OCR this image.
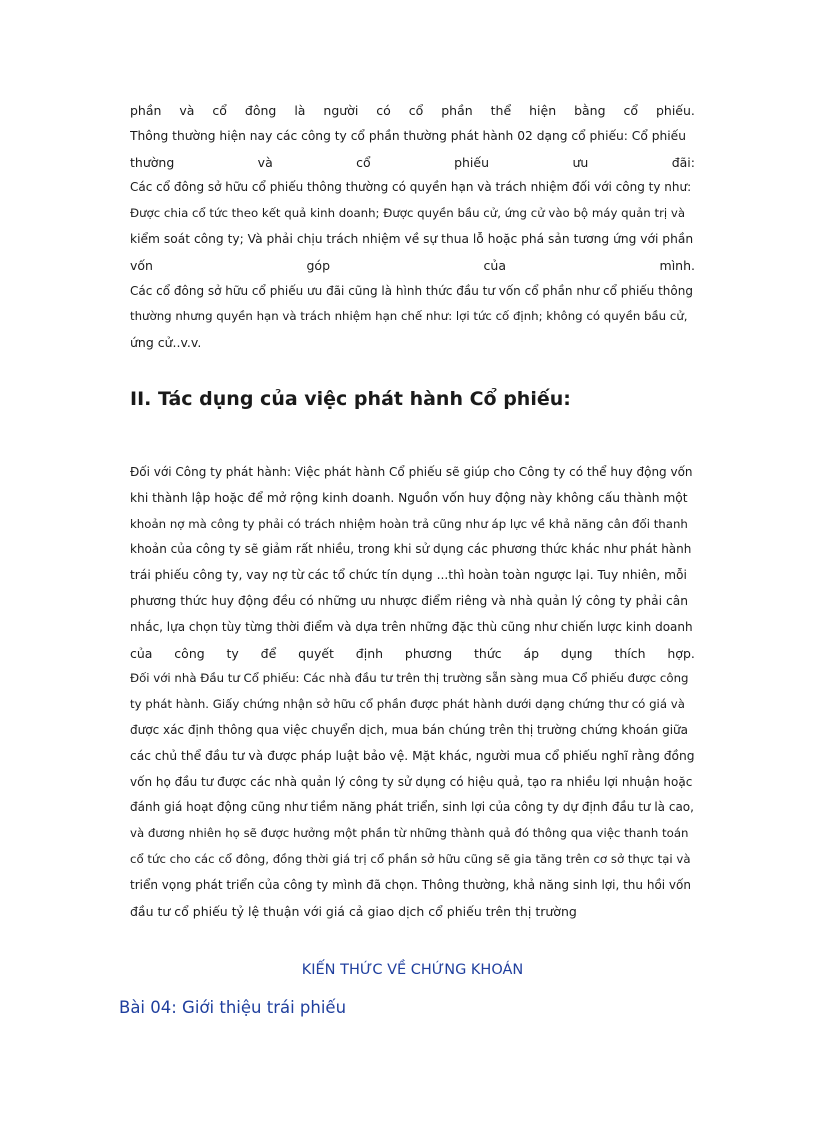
phần và cổ đông là người có cổ phần thể hiện bằng cổ phiếu.
Thông thường hiện nay các công ty cổ phần thường phát hành 02 dạng cổ phiếu: Cổ phiếu
thường	và	cổ	phiếu	ưu	đãi:
Các cổ đông sở hữu cổ phiếu thông thường có quyền hạn và trách nhiệm đối với công ty như:
Được chia cổ tức theo kết quả kinh doanh; Được quyền bầu cử, ứng cử vào bộ máy quản trị và
kiểm soát công ty; Và phải chịu trách nhiệm về sự thua lỗ hoặc phá sản tương ứng với phần
vốn	góp	của	mình.
Các cổ đông sở hữu cổ phiếu ưu đãi cũng là hình thức đầu tư vốn cổ phần như cổ phiếu thông
thường nhưng quyền hạn và trách nhiệm hạn chế như: lợi tức cố định; không có quyền bầu cử,
ứng cử..v.v.
II. Tác dụng của việc phát hành Cổ phiếu:
Đối với Công ty phát hành: Việc phát hành Cổ phiếu sẽ giúp cho Công ty có thể huy động vốn
khi thành lập hoặc để mở rộng kinh doanh. Nguồn vốn huy động này không cấu thành một
khoản nợ mà công ty phải có trách nhiệm hoàn trả cũng như áp lực về khả năng cân đối thanh
khoản của công ty sẽ giảm rất nhiều, trong khi sử dụng các phương thức khác như phát hành
trái phiếu công ty, vay nợ từ các tổ chức tín dụng ...thì hoàn toàn ngược lại. Tuy nhiên, mỗi
phương thức huy động đều có những ưu nhược điểm riêng và nhà quản lý công ty phải cân
nhắc, lựa chọn tùy từng thời điểm và dựa trên những đặc thù cũng như chiến lược kinh doanh
của công ty để quyết định phương thức áp dụng thích hợp.
Đối với nhà Đầu tư Cổ phiếu: Các nhà đầu tư trên thị trường sẵn sàng mua Cổ phiếu được công
ty phát hành. Giấy chứng nhận sở hữu cổ phần được phát hành dưới dạng chứng thư có giá và
được xác định thông qua việc chuyển dịch, mua bán chúng trên thị trường chứng khoán giữa
các chủ thể đầu tư và được pháp luật bảo vệ. Mặt khác, người mua cổ phiếu nghĩ rằng đồng
vốn họ đầu tư được các nhà quản lý công ty sử dụng có hiệu quả, tạo ra nhiều lợi nhuận hoặc
đánh giá hoạt động cũng như tiềm năng phát triển, sinh lợi của công ty dự định đầu tư là cao,
và đương nhiên họ sẽ được hưởng một phần từ những thành quả đó thông qua việc thanh toán
cổ tức cho các cổ đông, đồng thời giá trị cổ phần sở hữu cũng sẽ gia tăng trên cơ sở thực tại và
triển vọng phát triển của công ty mình đã chọn. Thông thường, khả năng sinh lợi, thu hồi vốn
đầu tư cổ phiếu tỷ lệ thuận với giá cả giao dịch cổ phiếu trên thị trường
KIẾN THỨC VỀ CHỨNG KHOÁN
Bài 04: Giới thiệu trái phiếu
